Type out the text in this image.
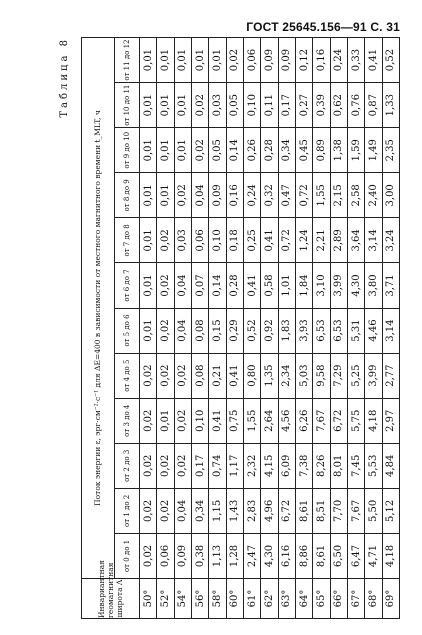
ГОСТ 25645.156—91 С. 31
Таблица 8
Инвариантная геомагнитная широта Λ	Поток энергии ε, эрг·см⁻²·с⁻¹ для ΔE=400 в зависимости от местного магнитного времени t_MLT, ч											
	от 0 до 1	от 1 до 2	от 2 до 3	от 3 до 4	от 4 до 5	от 5 до 6	от 6 до 7	от 7 до 8	от 8 до 9	от 9 до 10	от 10 до 11	от 11 до 12
50°	0,02	0,02	0,02	0,02	0,02	0,01	0,01	0,01	0,01	0,01	0,01	0,01
52°	0,06	0,02	0,02	0,01	0,02	0,02	0,02	0,02	0,01	0,01	0,01	0,01
54°	0,09	0,04	0,02	0,02	0,02	0,04	0,04	0,03	0,02	0,01	0,01	0,01
56°	0,38	0,34	0,17	0,10	0,08	0,08	0,07	0,06	0,04	0,02	0,02	0,01
58°	1,13	1,15	0,74	0,41	0,21	0,15	0,14	0,10	0,09	0,05	0,03	0,01
60°	1,28	1,43	1,17	0,75	0,41	0,29	0,28	0,18	0,16	0,14	0,05	0,02
61°	2,47	2,83	2,32	1,55	0,80	0,52	0,41	0,25	0,24	0,26	0,10	0,06
62°	4,30	4,96	4,15	2,64	1,35	0,92	0,58	0,41	0,32	0,28	0,11	0,09
63°	6,16	6,72	6,09	4,56	2,34	1,83	1,01	0,72	0,47	0,34	0,17	0,09
64°	8,86	8,61	7,38	6,26	5,03	3,93	1,84	1,24	0,72	0,45	0,27	0,12
65°	8,61	8,51	8,26	7,67	9,58	6,53	3,10	2,21	1,55	0,89	0,39	0,16
66°	6,50	7,70	8,01	6,72	7,29	6,53	3,99	2,89	2,15	1,38	0,62	0,24
67°	6,47	7,67	7,45	5,75	5,25	5,31	4,30	3,64	2,58	1,59	0,76	0,33
68°	4,71	5,50	5,53	4,18	3,99	4,46	3,80	3,14	2,40	1,49	0,87	0,41
69°	4,18	5,12	4,84	2,97	2,77	3,14	3,71	3,24	3,00	2,35	1,33	0,52
